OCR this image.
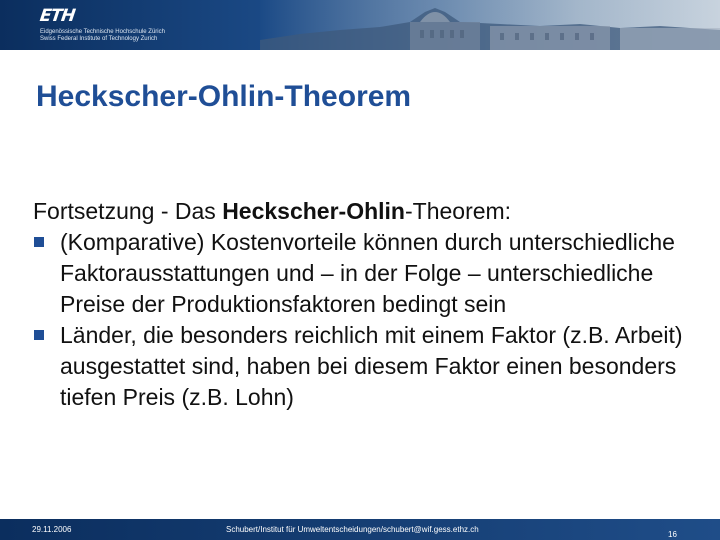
ETH
Eidgenössische Technische Hochschule Zürich
Swiss Federal Institute of Technology Zurich
Heckscher-Ohlin-Theorem
Fortsetzung - Das Heckscher-Ohlin-Theorem:
(Komparative) Kostenvorteile können durch unterschiedliche Faktorausstattungen und – in der Folge – unterschiedliche Preise der Produktionsfaktoren bedingt sein
Länder, die besonders reichlich mit einem Faktor (z.B. Arbeit) ausgestattet sind, haben bei diesem Faktor einen besonders tiefen Preis (z.B. Lohn)
29.11.2006	Schubert/Institut für Umweltentscheidungen/schubert@wif.gess.ethz.ch
16
